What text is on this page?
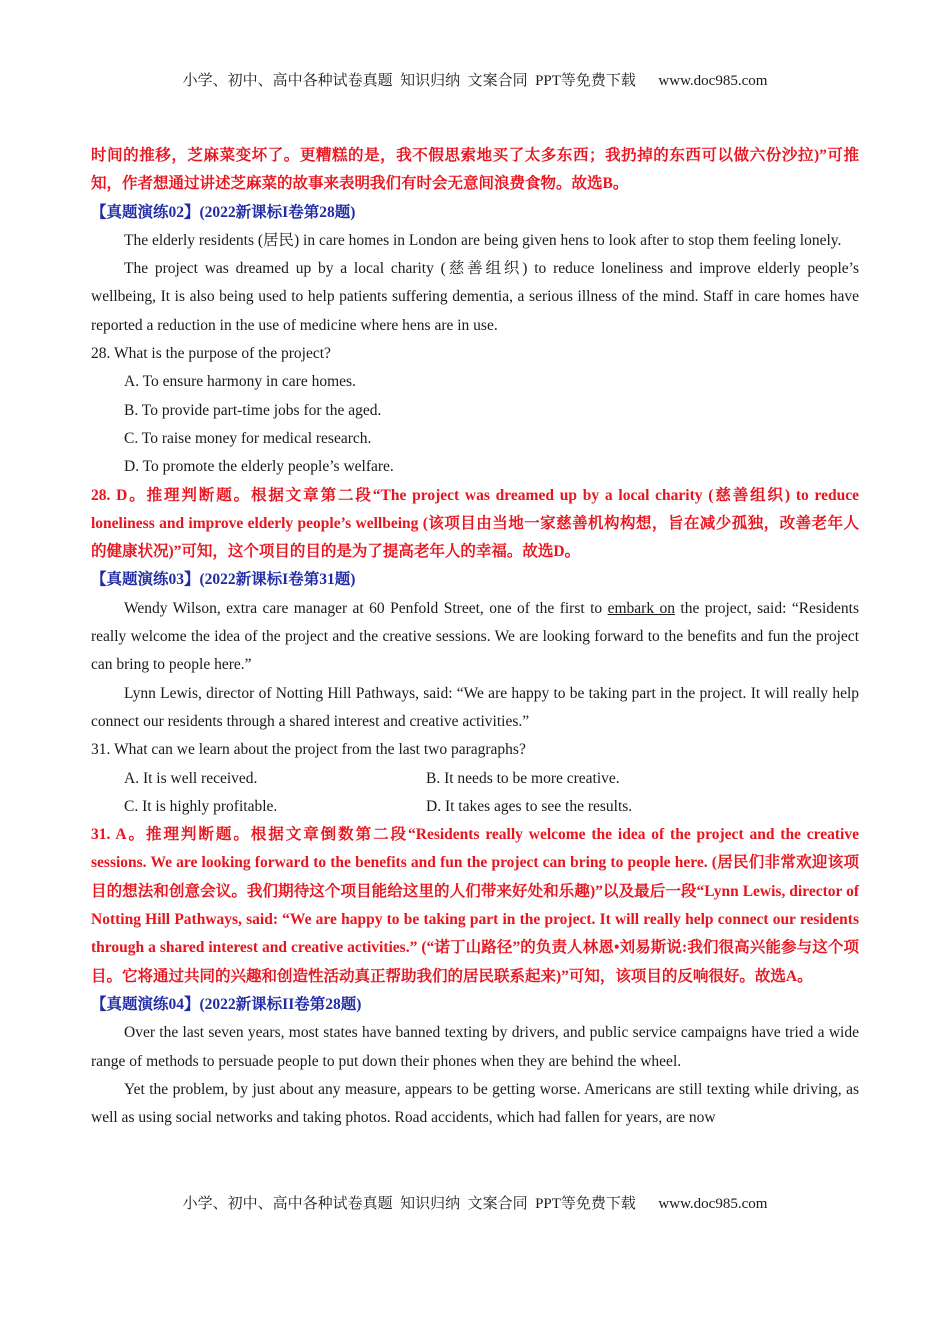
小学、初中、高中各种试卷真题  知识归纳  文案合同  PPT等免费下载      www.doc985.com

时间的推移，芝麻菜变坏了。更糟糕的是，我不假思索地买了太多东西；我扔掉的东西可以做六份沙拉)”可推知，作者想通过讲述芝麻菜的故事来表明我们有时会无意间浪费食物。故选B。

【真题演练02】(2022新课标I卷第28题)

The elderly residents (居民) in care homes in London are being given hens to look after to stop them feeling lonely.

The project was dreamed up by a local charity (慈善组织) to reduce loneliness and improve elderly people’s wellbeing, It is also being used to help patients suffering dementia, a serious illness of the mind. Staff in care homes have reported a reduction in the use of medicine where hens are in use.

28. What is the purpose of the project?

A. To ensure harmony in care homes.

B. To provide part-time jobs for the aged.

C. To raise money for medical research.

D. To promote the elderly people’s welfare.

28. D。推理判断题。根据文章第二段“The project was dreamed up by a local charity (慈善组织) to reduce loneliness and improve elderly people’s wellbeing (该项目由当地一家慈善机构构想，旨在减少孤独，改善老年人的健康状况)”可知，这个项目的目的是为了提高老年人的幸福。故选D。

【真题演练03】(2022新课标I卷第31题)

Wendy Wilson, extra care manager at 60 Penfold Street, one of the first to embark on the project, said: “Residents really welcome the idea of the project and the creative sessions. We are looking forward to the benefits and fun the project can bring to people here.”

Lynn Lewis, director of Notting Hill Pathways, said: “We are happy to be taking part in the project. It will really help connect our residents through a shared interest and creative activities.”

31. What can we learn about the project from the last two paragraphs?

A. It is well received.	B. It needs to be more creative.

C. It is highly profitable.	D. It takes ages to see the results.

31. A。推理判断题。根据文章倒数第二段“Residents really welcome the idea of the project and the creative sessions. We are looking forward to the benefits and fun the project can bring to people here. (居民们非常欢迎该项目的想法和创意会议。我们期待这个项目能给这里的人们带来好处和乐趣)”以及最后一段“Lynn Lewis, director of Notting Hill Pathways, said: “We are happy to be taking part in the project. It will really help connect our residents through a shared interest and creative activities.” (“诺丁山路径”的负责人林恩•刘易斯说:我们很高兴能参与这个项目。它将通过共同的兴趣和创造性活动真正帮助我们的居民联系起来)”可知，该项目的反响很好。故选A。

【真题演练04】(2022新课标II卷第28题)

Over the last seven years, most states have banned texting by drivers, and public service campaigns have tried a wide range of methods to persuade people to put down their phones when they are behind the wheel.

Yet the problem, by just about any measure, appears to be getting worse. Americans are still texting while driving, as well as using social networks and taking photos. Road accidents, which had fallen for years, are now

小学、初中、高中各种试卷真题  知识归纳  文案合同  PPT等免费下载      www.doc985.com
